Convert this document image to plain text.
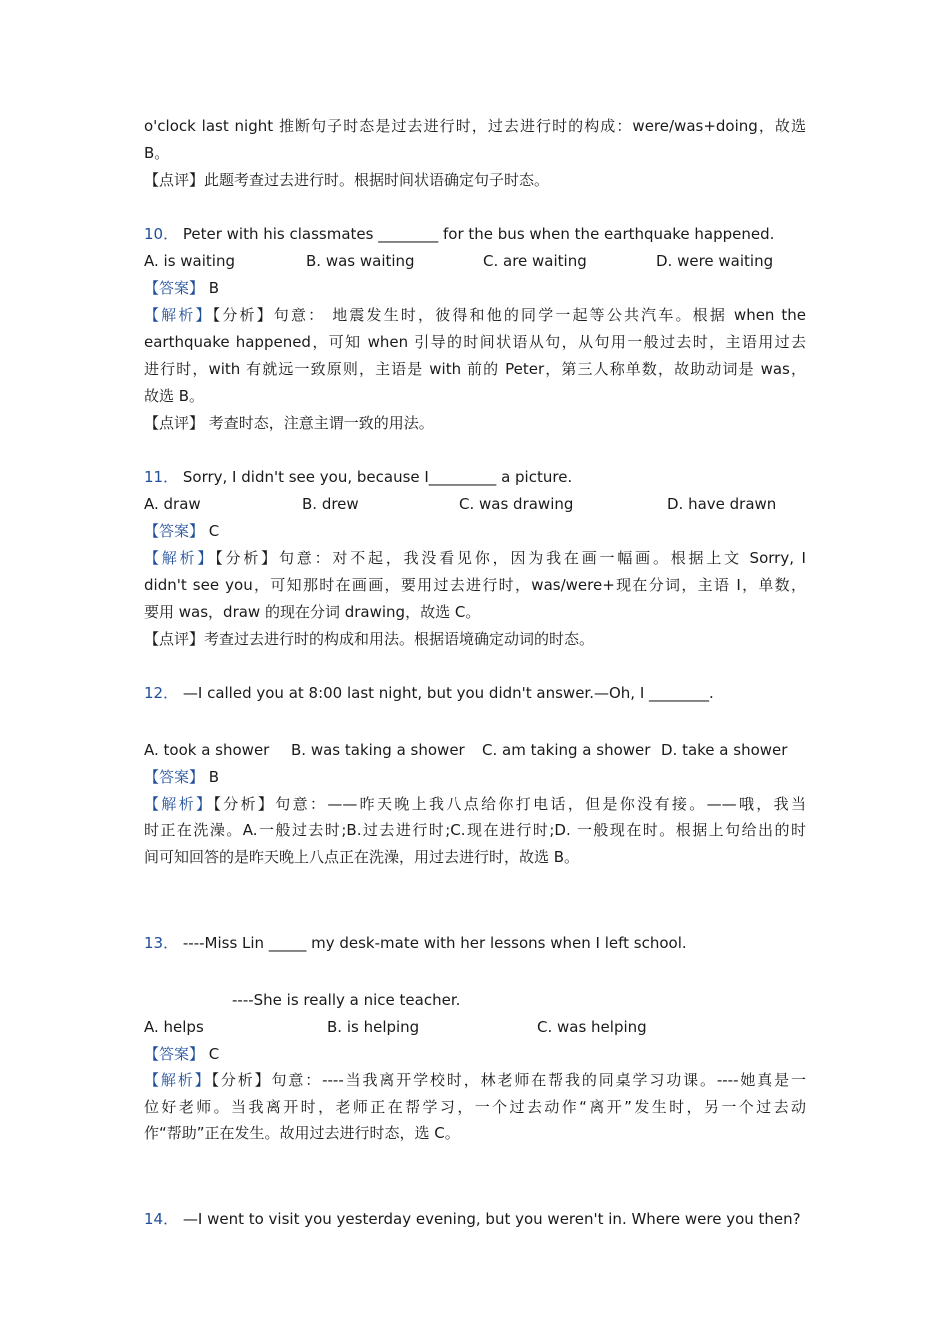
o'clock last night 推断句子时态是过去进行时，过去进行时的构成：were/was+doing，故选
B。
【点评】此题考查过去进行时。根据时间状语确定句子时态。
10． Peter with his classmates ________ for the bus when the earthquake happened.
A. is waiting	B. was waiting	C. are waiting	D. were waiting
【答案】 B
【解析】【分析】句意： 地震发生时，彼得和他的同学一起等公共汽车。根据 when the
earthquake happened，可知 when 引导的时间状语从句，从句用一般过去时，主语用过去
进行时，with 有就远一致原则，主语是 with 前的 Peter，第三人称单数，故助动词是 was，
故选 B。
【点评】 考查时态，注意主谓一致的用法。
11． Sorry, I didn't see you, because I_________ a picture.
A. draw	B. drew	C. was drawing	D. have drawn
【答案】 C
【解析】【分析】句意：对不起，我没看见你，因为我在画一幅画。根据上文 Sorry, I
didn't see you，可知那时在画画，要用过去进行时，was/were+现在分词，主语 I，单数，
要用 was，draw 的现在分词 drawing，故选 C。
【点评】考查过去进行时的构成和用法。根据语境确定动词的时态。
12． —I called you at 8:00 last night, but you didn't answer.—Oh, I ________.
A. took a shower B. was taking a shower C. am taking a shower D. take a shower
【答案】 B
【解析】【分析】句意：——昨天晚上我八点给你打电话，但是你没有接。——哦，我当
时正在洗澡。A.一般过去时;B.过去进行时;C.现在进行时;D. 一般现在时。根据上句给出的时
间可知回答的是昨天晚上八点正在洗澡，用过去进行时，故选 B。
13． ----Miss Lin _____ my desk-mate with her lessons when I left school.
----She is really a nice teacher.
A. helps	B. is helping	C. was helping
【答案】 C
【解析】【分析】句意：----当我离开学校时，林老师在帮我的同桌学习功课。----她真是一
位好老师。当我离开时，老师正在帮学习，一个过去动作“离开”发生时，另一个过去动
作“帮助”正在发生。故用过去进行时态，选 C。
14． —I went to visit you yesterday evening, but you weren't in. Where were you then?
